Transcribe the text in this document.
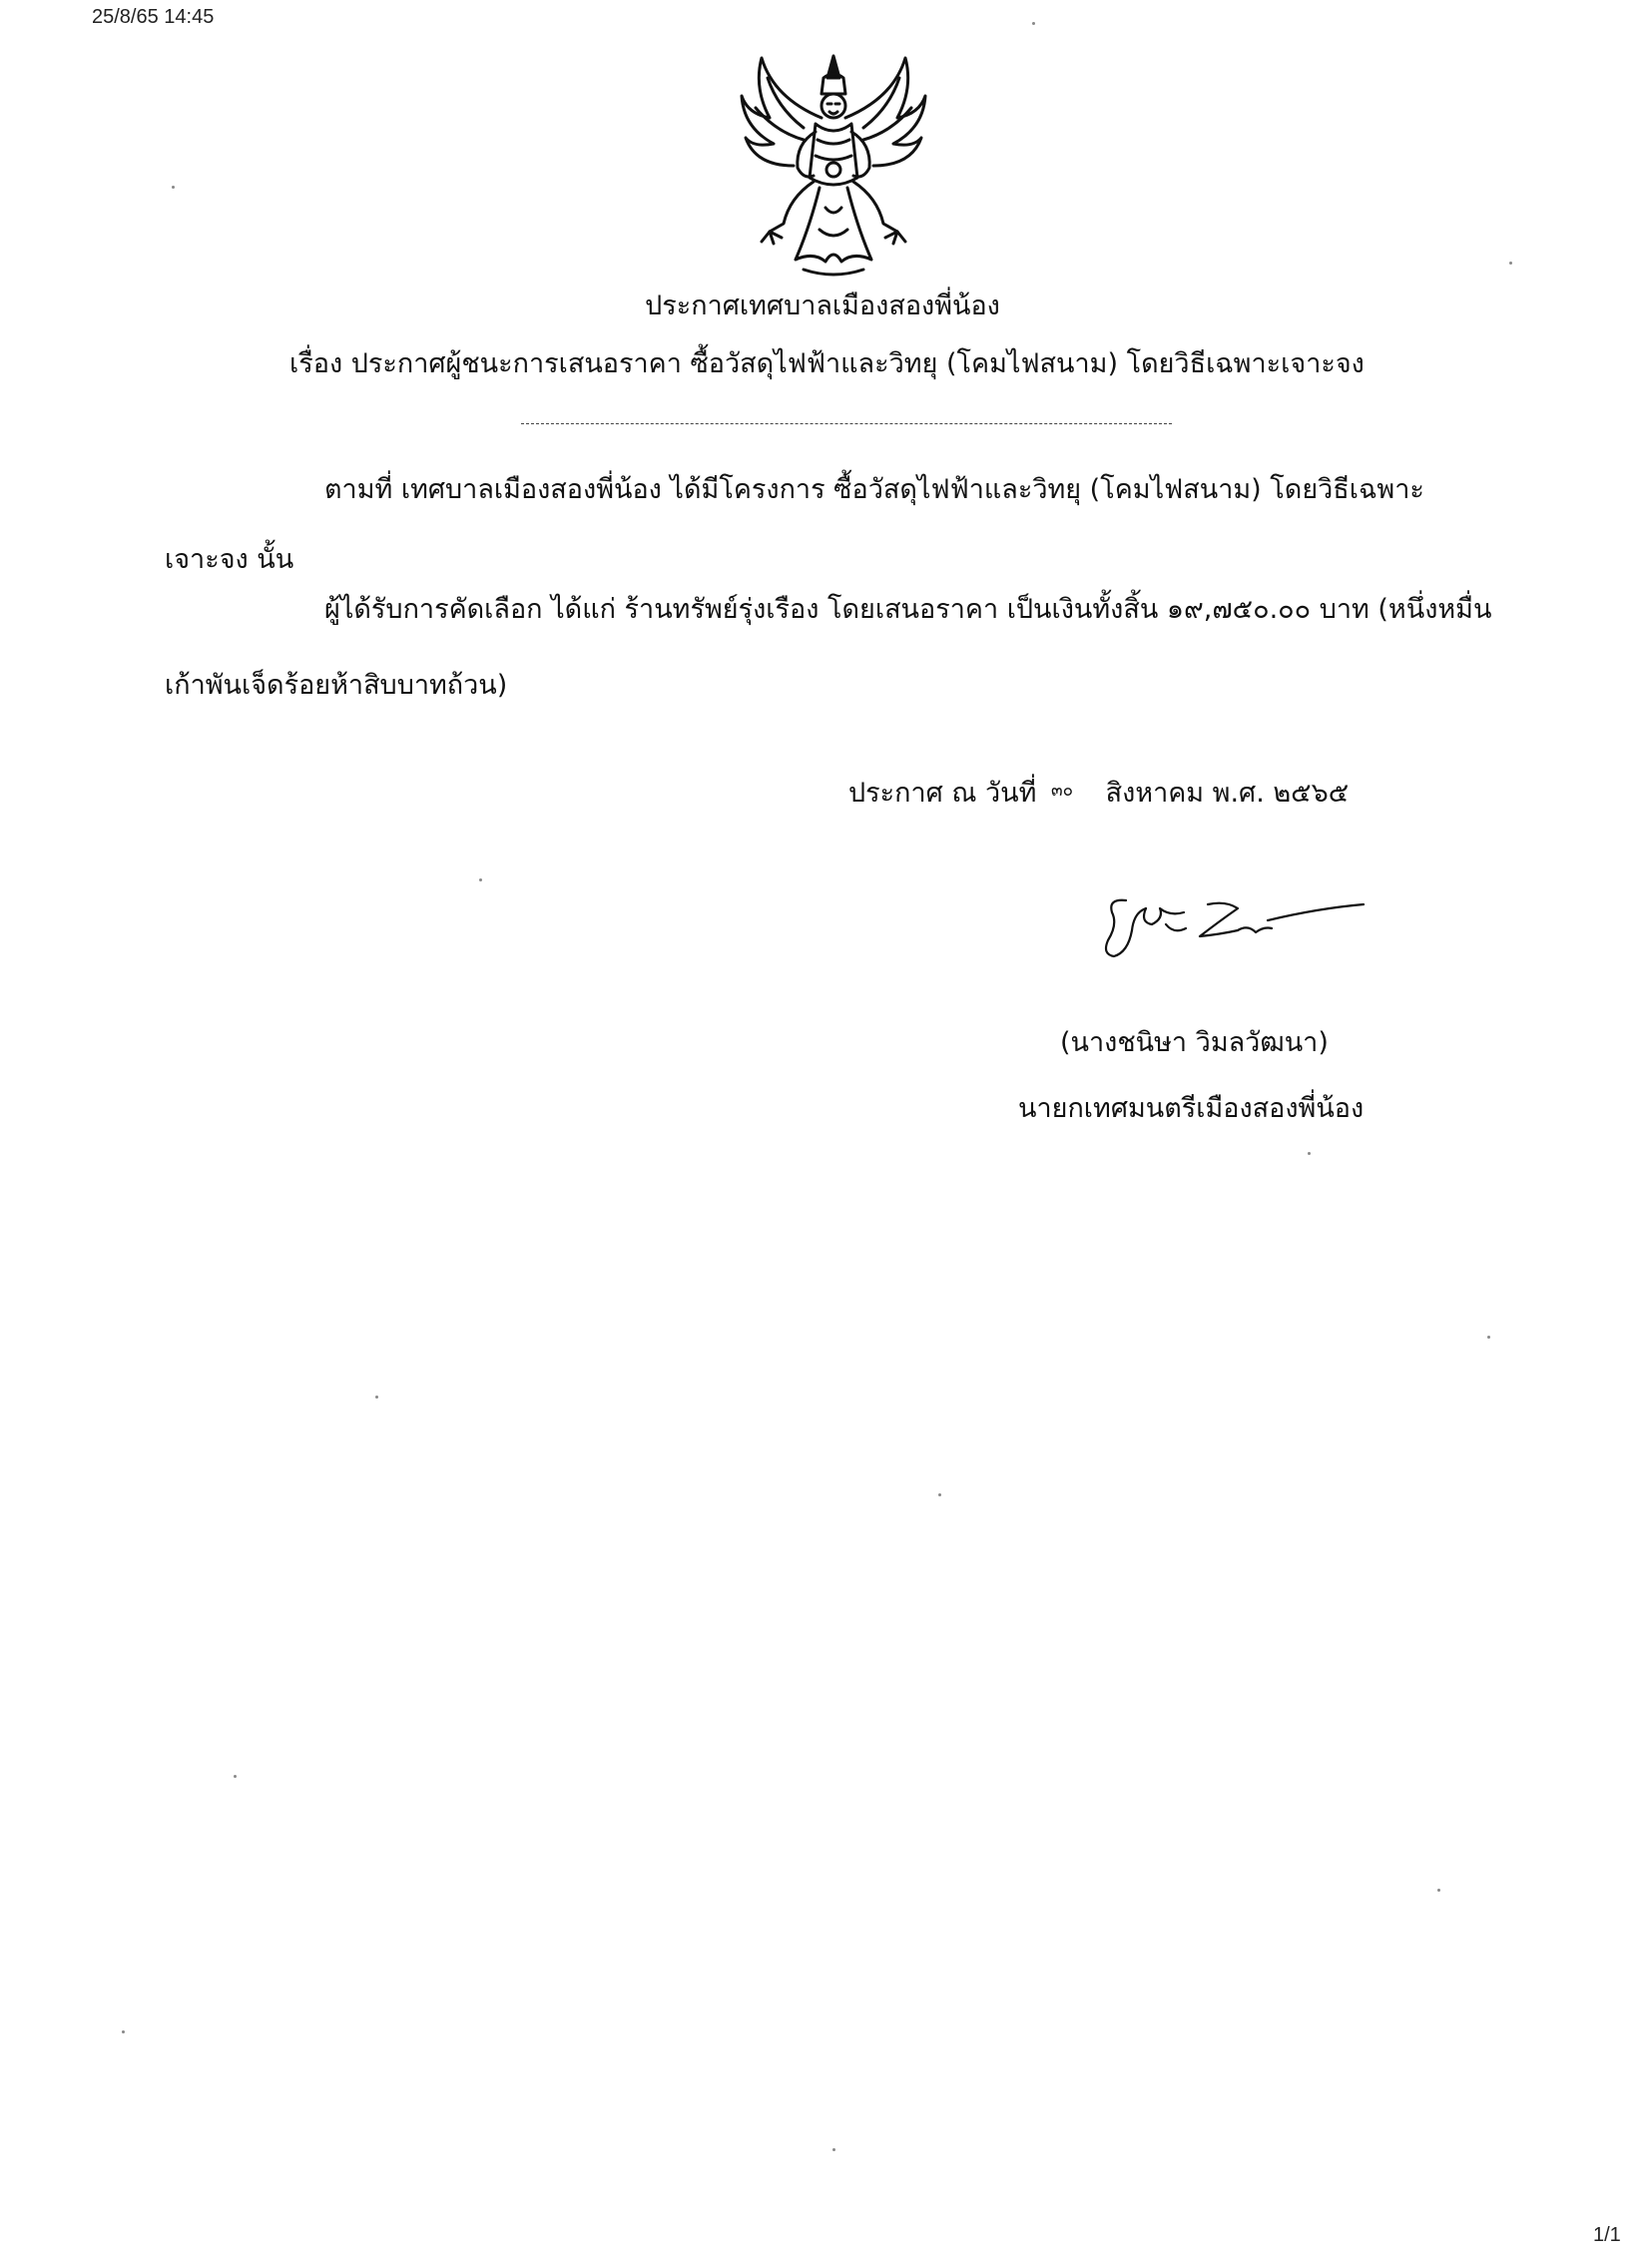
25/8/65 14:45
ประกาศเทศบาลเมืองสองพี่น้อง
เรื่อง ประกาศผู้ชนะการเสนอราคา ซื้อวัสดุไฟฟ้าและวิทยุ (โคมไฟสนาม) โดยวิธีเฉพาะเจาะจง
ตามที่ เทศบาลเมืองสองพี่น้อง ได้มีโครงการ ซื้อวัสดุไฟฟ้าและวิทยุ (โคมไฟสนาม) โดยวิธีเฉพาะ
เจาะจง นั้น
ผู้ได้รับการคัดเลือก ได้แก่ ร้านทรัพย์รุ่งเรือง โดยเสนอราคา เป็นเงินทั้งสิ้น ๑๙,๗๕๐.๐๐ บาท (หนึ่งหมื่น
เก้าพันเจ็ดร้อยห้าสิบบาทถ้วน)
ประกาศ ณ วันที่ ๓๐ สิงหาคม พ.ศ. ๒๕๖๕
(นางชนิษา วิมลวัฒนา)
นายกเทศมนตรีเมืองสองพี่น้อง
1/1
